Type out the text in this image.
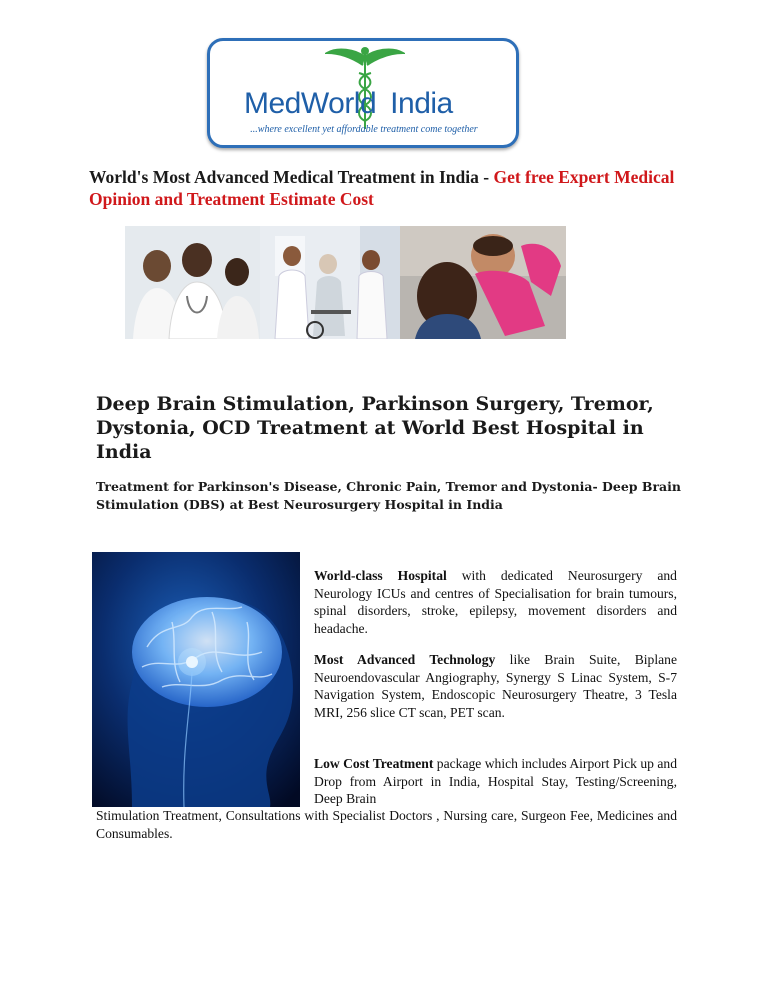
MedWorld India
...where excellent yet affordable treatment come together
World's Most Advanced Medical Treatment in India - Get free Expert Medical Opinion and Treatment Estimate Cost
Deep Brain Stimulation, Parkinson Surgery, Tremor, Dystonia, OCD Treatment at World Best Hospital in India
Treatment for Parkinson's Disease, Chronic Pain, Tremor and Dystonia- Deep Brain Stimulation (DBS) at Best Neurosurgery Hospital in India
World-class Hospital with dedicated Neurosurgery and Neurology ICUs and centres of Specialisation for brain tumours, spinal disorders, stroke, epilepsy, movement disorders and headache.
Most Advanced Technology like Brain Suite, Biplane Neuroendovascular Angiography, Synergy S Linac System, S-7 Navigation System, Endoscopic Neurosurgery Theatre, 3 Tesla MRI, 256 slice CT scan, PET scan.
Low Cost Treatment package which includes Airport Pick up and Drop from Airport in India, Hospital Stay, Testing/Screening, Deep Brain
Stimulation Treatment, Consultations with Specialist Doctors , Nursing care, Surgeon Fee, Medicines and Consumables.
